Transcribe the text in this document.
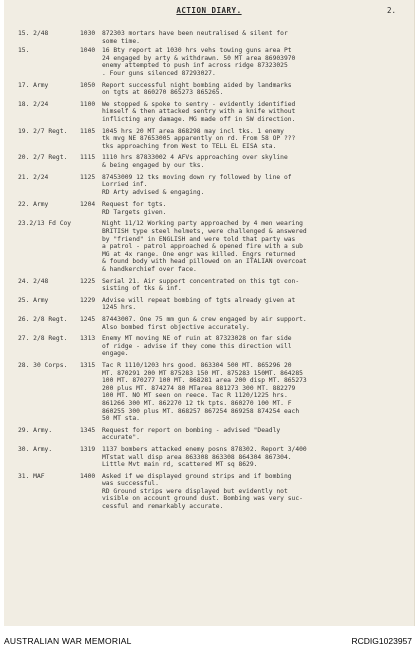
ACTION DIARY.	2.
15. 2/48	1030 872303 mortars have been neutralised & silent for
some time.
15.	1040 16 Bty report at 1030 hrs vehs towing guns area Pt
24 engaged by arty & withdrawn. 50 MT area 86903970
enemy attempted to push inf across ridge 87323025
. Four guns silenced 87293027.
17. Army	1050 Report successful night bombing aided by landmarks
on tgts at 860270 865273 865265.
18. 2/24	1100 We stopped & spoke to sentry - evidently identified
himself & then attacked sentry with a knife without
inflicting any damage. MG made off in SW direction.
19. 2/7 Regt. 1105 1045 hrs 20 MT area 868298 may incl tks. 1 enemy
tk mvg NE 87653005 apparently on rd. From 58 OP ???
tks approaching from West to TELL EL EISA sta.
20. 2/7 Regt. 1115 1110 hrs 87833002 4 AFVs approaching over skyline
& being engaged by our tks.
21. 2/24	1125 87453009 12 tks moving down ry followed by line of
Lorried inf.
RD Arty advised & engaging.
22. Army	1204 Request for tgts.
RD Targets given.
23.2/13 Fd Coy	Night 11/12 Working party approached by 4 men wearing
BRITISH type steel helmets, were challenged & answered
by "friend" in ENGLISH and were told that party was
a patrol - patrol approached & opened fire with a sub
MG at 4x range. One engr was killed. Engrs returned
& found body with head pillowed on an ITALIAN overcoat
& handkerchief over face.
24. 2/48	1225 Serial 21. Air support concentrated on this tgt con-
sisting of tks & inf.
25. Army	1229 Advise will repeat bombing of tgts already given at
1245 hrs.
26. 2/8 Regt. 1245 87443007. One 75 mm gun & crew engaged by air support.
Also bombed first objective accurately.
27. 2/8 Regt. 1313 Enemy MT moving NE of ruin at 87323028 on far side
of ridge - advise if they come this direction will
engage.
28. 30 Corps. 1315 Tac R 1110/1203 hrs good. 863304 500 MT. 865296 20
MT. 870291 200 MT 875283 150 MT. 875283 150MT. 864285
100 MT. 870277 100 MT. 868281 area 200 disp MT. 865273
200 plus MT. 874274 80 MTarea 881273 300 MT. 882279
100 MT. NO MT seen on reece. Tac R 1120/1225 hrs.
861266 300 MT. 862270 12 tk tpts. 860270 100 MT. F
860255 300 plus MT. 868257 867254 869258 874254 each
50 MT sta.
29. Army.	1345 Request for report on bombing - advised "Deadly
accurate".
30. Army.	1319 1137 bombers attacked enemy posns 878302. Report 3/400
MTstat wall disp area 863308 863308 864304 867304.
Little Mvt main rd, scattered MT sq 8629.
31. MAF	1400 Asked if we displayed ground strips and if bombing
was successful.
RD Ground strips were displayed but evidently not
visible on account ground dust. Bombing was very suc-
cessful and remarkably accurate.
AUSTRALIAN WAR MEMORIAL	RCDIG1023957
